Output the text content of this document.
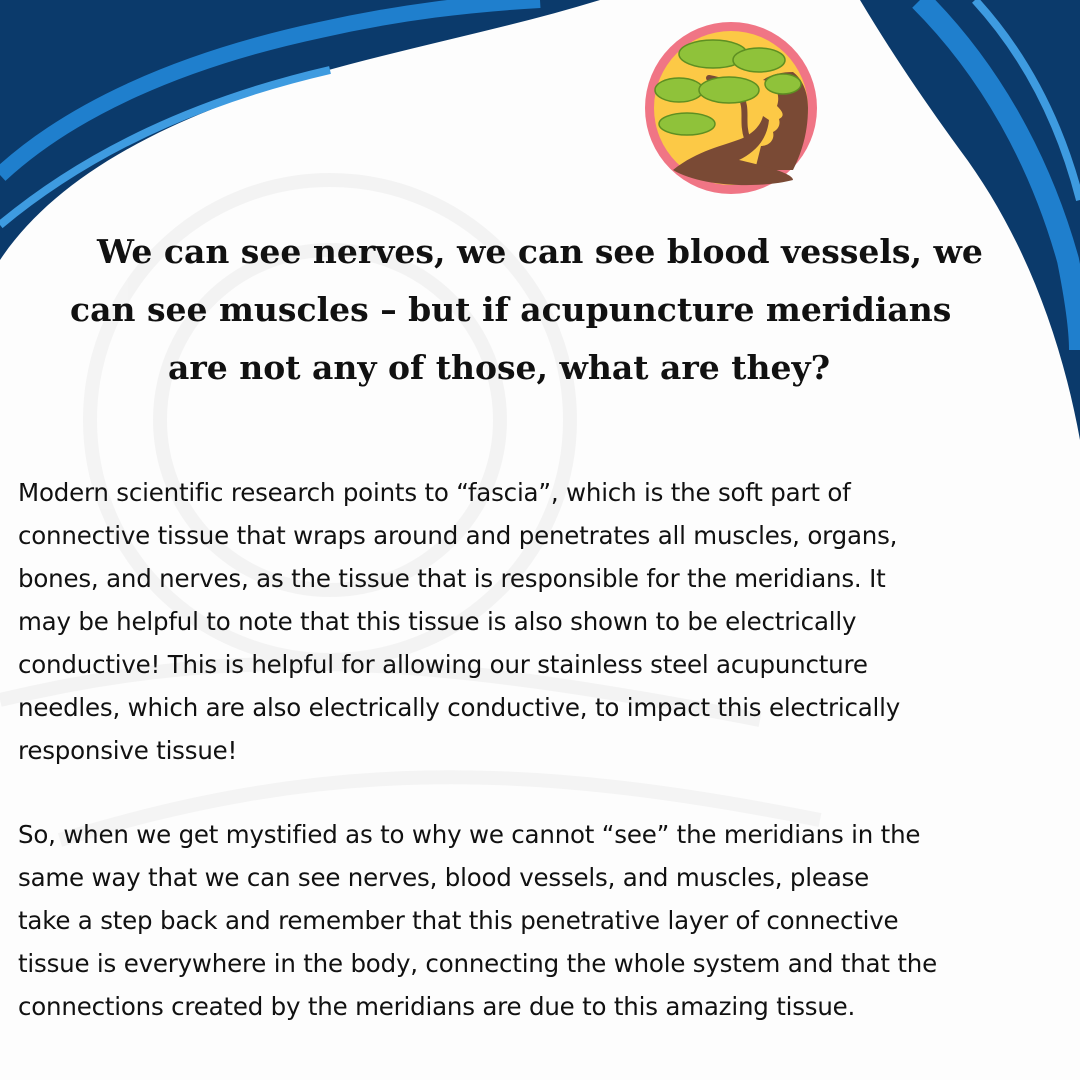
We can see nerves, we can see blood vessels, we
can see muscles – but if acupuncture meridians
are not any of those, what are they?

Modern scientific research points to “fascia”, which is the soft part of

connective tissue that wraps around and penetrates all muscles, organs,

bones, and nerves, as the tissue that is responsible for the meridians. It

may be helpful to note that this tissue is also shown to be electrically

conductive! This is helpful for allowing our stainless steel acupuncture

needles, which are also electrically conductive, to impact this electrically

responsive tissue!

So, when we get mystified as to why we cannot “see” the meridians in the

same way that we can see nerves, blood vessels, and muscles, please

take a step back and remember that this penetrative layer of connective

tissue is everywhere in the body, connecting the whole system and that the

connections created by the meridians are due to this amazing tissue.
